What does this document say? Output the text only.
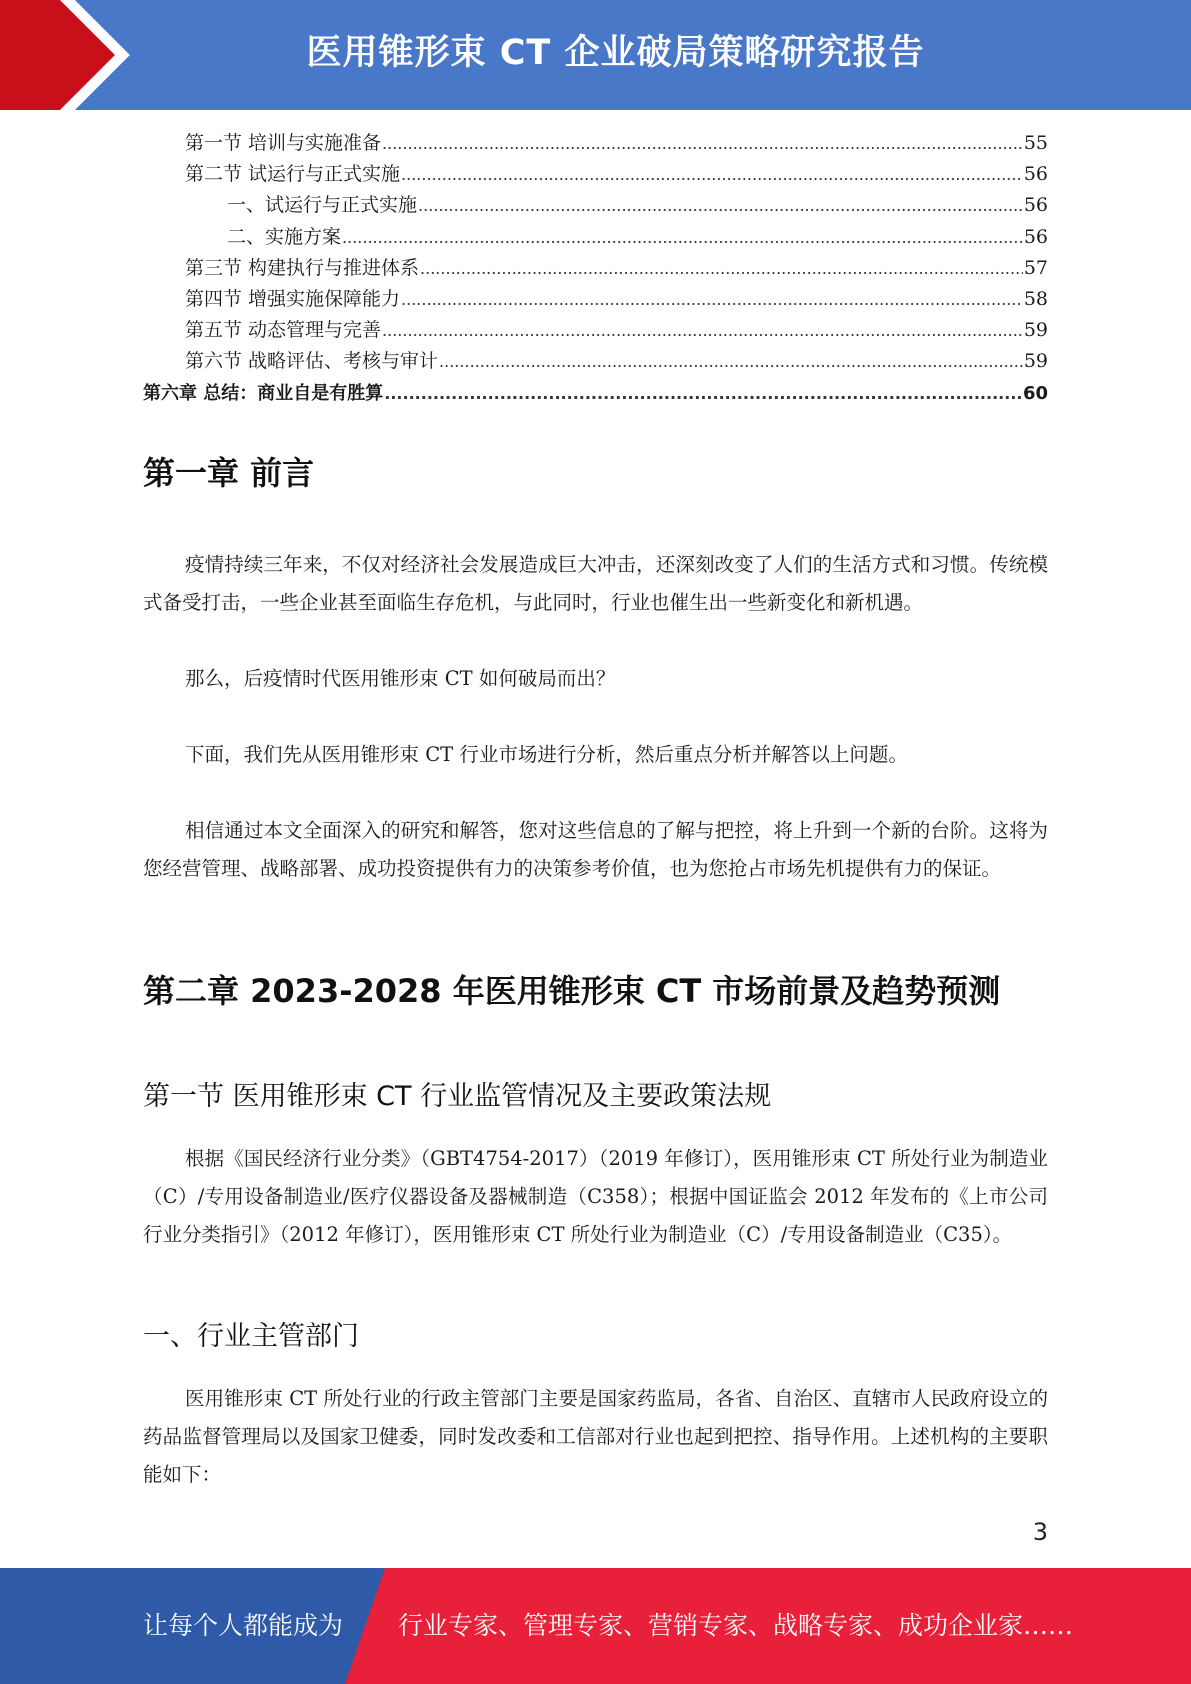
医用锥形束 CT 企业破局策略研究报告
第一节 培训与实施准备 .....	55
第二节 试运行与正式实施 .....	56
一、试运行与正式实施 .....	56
二、实施方案 .....	56
第三节 构建执行与推进体系 .....	57
第四节 增强实施保障能力 .....	58
第五节 动态管理与完善 .....	59
第六节 战略评估、考核与审计 .....	59
第六章 总结：商业自是有胜算 .....	60
第一章 前言
疫情持续三年来，不仅对经济社会发展造成巨大冲击，还深刻改变了人们的生活方式和习惯。传统模式备受打击，一些企业甚至面临生存危机，与此同时，行业也催生出一些新变化和新机遇。
那么，后疫情时代医用锥形束 CT 如何破局而出？
下面，我们先从医用锥形束 CT 行业市场进行分析，然后重点分析并解答以上问题。
相信通过本文全面深入的研究和解答，您对这些信息的了解与把控，将上升到一个新的台阶。这将为您经营管理、战略部署、成功投资提供有力的决策参考价值，也为您抢占市场先机提供有力的保证。
第二章 2023-2028 年医用锥形束 CT 市场前景及趋势预测
第一节 医用锥形束 CT 行业监管情况及主要政策法规
根据《国民经济行业分类》（GBT4754-2017）（2019 年修订），医用锥形束 CT 所处行业为制造业（C）/专用设备制造业/医疗仪器设备及器械制造（C358）；根据中国证监会 2012 年发布的《上市公司行业分类指引》（2012 年修订），医用锥形束 CT 所处行业为制造业（C）/专用设备制造业（C35）。
一、行业主管部门
医用锥形束 CT 所处行业的行政主管部门主要是国家药监局，各省、自治区、直辖市人民政府设立的药品监督管理局以及国家卫健委，同时发改委和工信部对行业也起到把控、指导作用。上述机构的主要职能如下：
3
让每个人都能成为 行业专家、管理专家、营销专家、战略专家、成功企业家……
